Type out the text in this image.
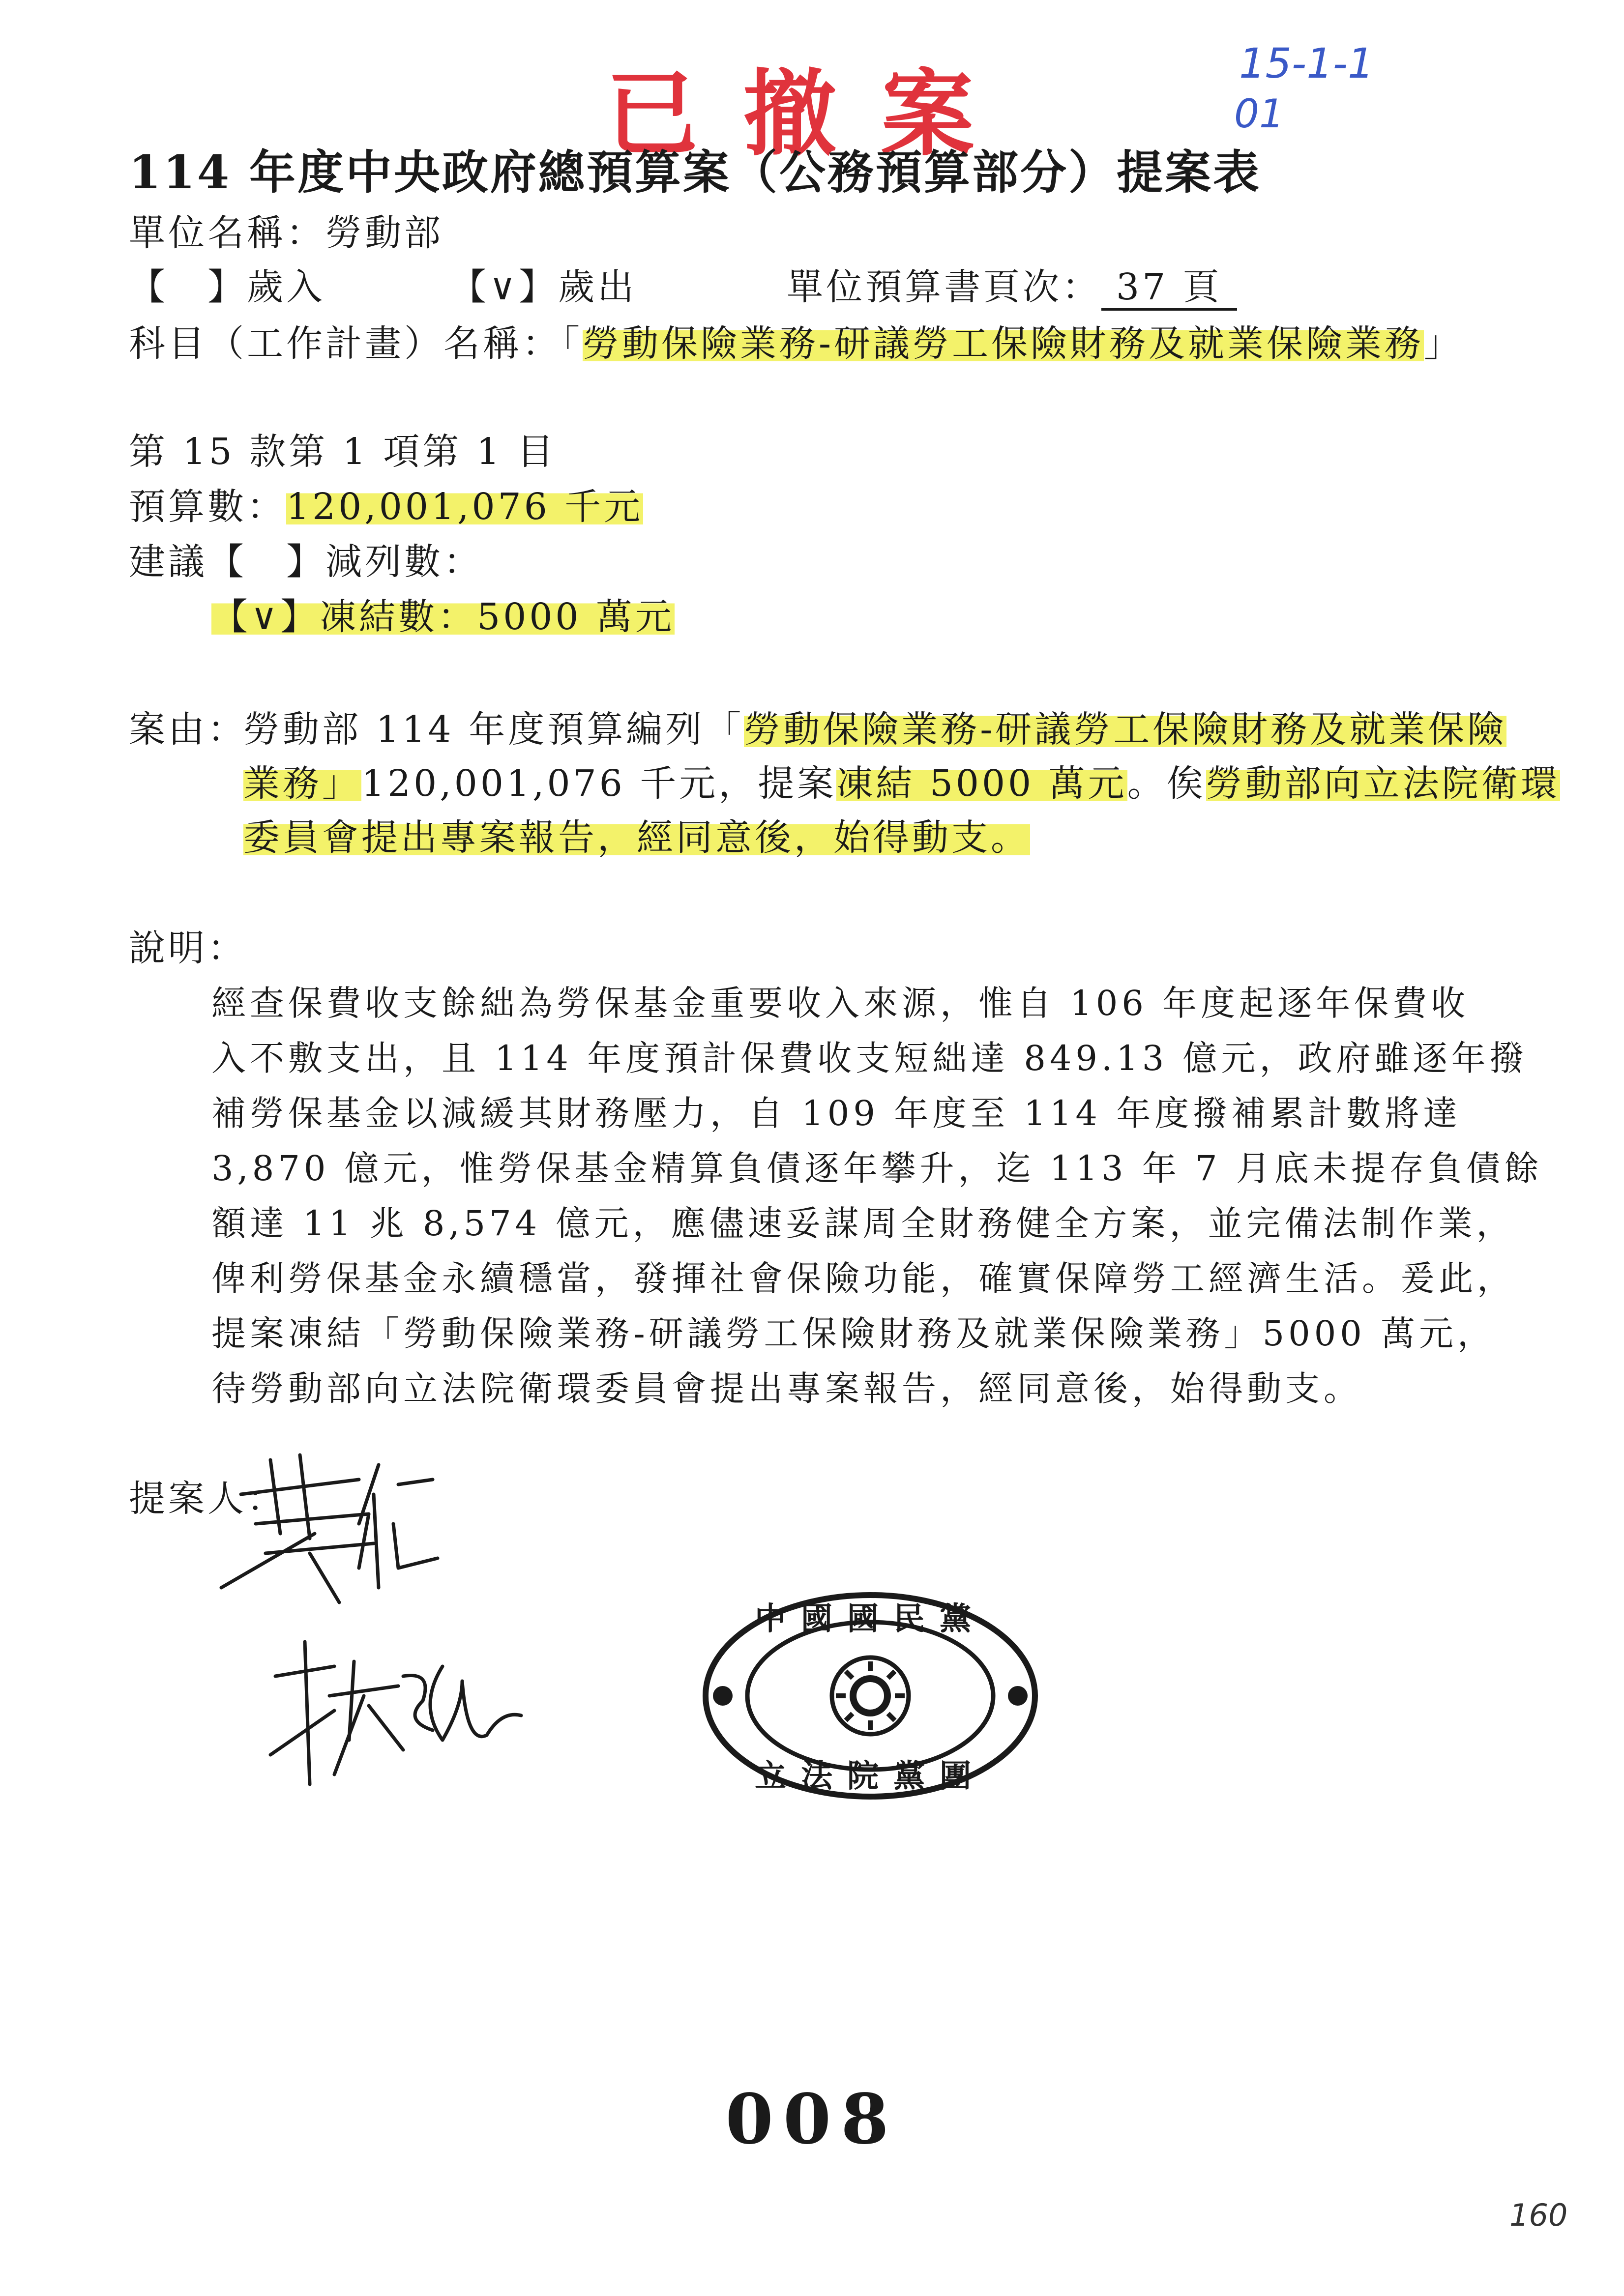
已撤案	15-1-1
01
114 年度中央政府總預算案（公務預算部分）提案表
單位名稱：勞動部
【　】歲入	【∨】歲出	單位預算書頁次： 37 頁
科目（工作計畫）名稱：「勞動保險業務-研議勞工保險財務及就業保險業務」
第 15 款第 1 項第 1 目
預算數：120,001,076 千元
建議【　】減列數：
【∨】凍結數：5000 萬元
案由：
勞動部 114 年度預算編列「勞動保險業務-研議勞工保險財務及就業保險
業務」120,001,076 千元，提案凍結 5000 萬元。俟勞動部向立法院衛環
委員會提出專案報告，經同意後，始得動支。
說明：
經查保費收支餘絀為勞保基金重要收入來源，惟自 106 年度起逐年保費收
入不敷支出，且 114 年度預計保費收支短絀達 849.13 億元，政府雖逐年撥
補勞保基金以減緩其財務壓力，自 109 年度至 114 年度撥補累計數將達
3,870 億元，惟勞保基金精算負債逐年攀升，迄 113 年 7 月底未提存負債餘
額達 11 兆 8,574 億元，應儘速妥謀周全財務健全方案，並完備法制作業，
俾利勞保基金永續穩當，發揮社會保險功能，確實保障勞工經濟生活。爰此，
提案凍結「勞動保險業務-研議勞工保險財務及就業保險業務」5000 萬元，
待勞動部向立法院衛環委員會提出專案報告，經同意後，始得動支。
提案人：
中國國民黨
立法院黨團
008
160
